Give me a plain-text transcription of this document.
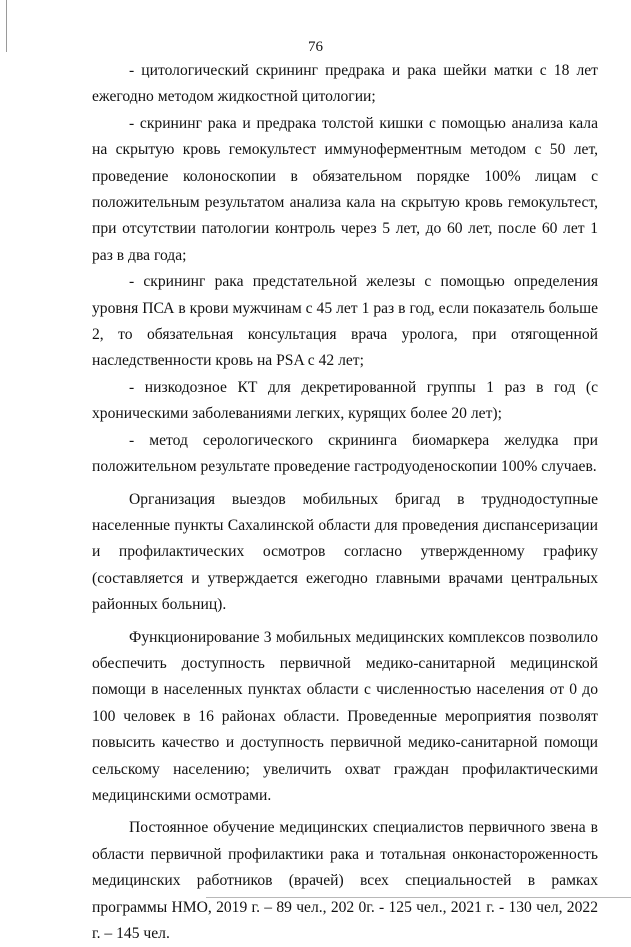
76

- цитологический скрининг предрака и рака шейки матки с 18 лет ежегодно методом жидкостной цитологии;

- скрининг рака и предрака толстой кишки с помощью анализа кала на скрытую кровь гемокультест иммуноферментным методом с 50 лет, проведение колоноскопии в обязательном порядке 100% лицам с положительным результатом анализа кала на скрытую кровь гемокультест, при отсутствии патологии контроль через 5 лет, до 60 лет, после 60 лет 1 раз в два года;

- скрининг рака предстательной железы с помощью определения уровня ПСА в крови мужчинам с 45 лет 1 раз в год, если показатель больше 2, то обязательная консультация врача уролога, при отягощенной наследственности кровь на PSA с 42 лет;

- низкодозное КТ для декретированной группы 1 раз в год (с хроническими заболеваниями легких, курящих более 20 лет);

- метод серологического скрининга биомаркера желудка при положительном результате проведение гастродуоденоскопии 100% случаев.

Организация выездов мобильных бригад в труднодоступные населенные пункты Сахалинской области для проведения диспансеризации и профилактических осмотров согласно утвержденному графику (составляется и утверждается ежегодно главными врачами центральных районных больниц).

Функционирование 3 мобильных медицинских комплексов позволило обеспечить доступность первичной медико-санитарной медицинской помощи в населенных пунктах области с численностью населения от 0 до 100 человек в 16 районах области. Проведенные мероприятия позволят повысить качество и доступность первичной медико-санитарной помощи сельскому населению; увеличить охват граждан профилактическими медицинскими осмотрами.

Постоянное обучение медицинских специалистов первичного звена в области первичной профилактики рака и тотальная онконастороженность медицинских работников (врачей) всех специальностей в рамках программы НМО, 2019 г. – 89 чел., 202 0г. - 125 чел., 2021 г. - 130 чел, 2022 г. – 145 чел.
